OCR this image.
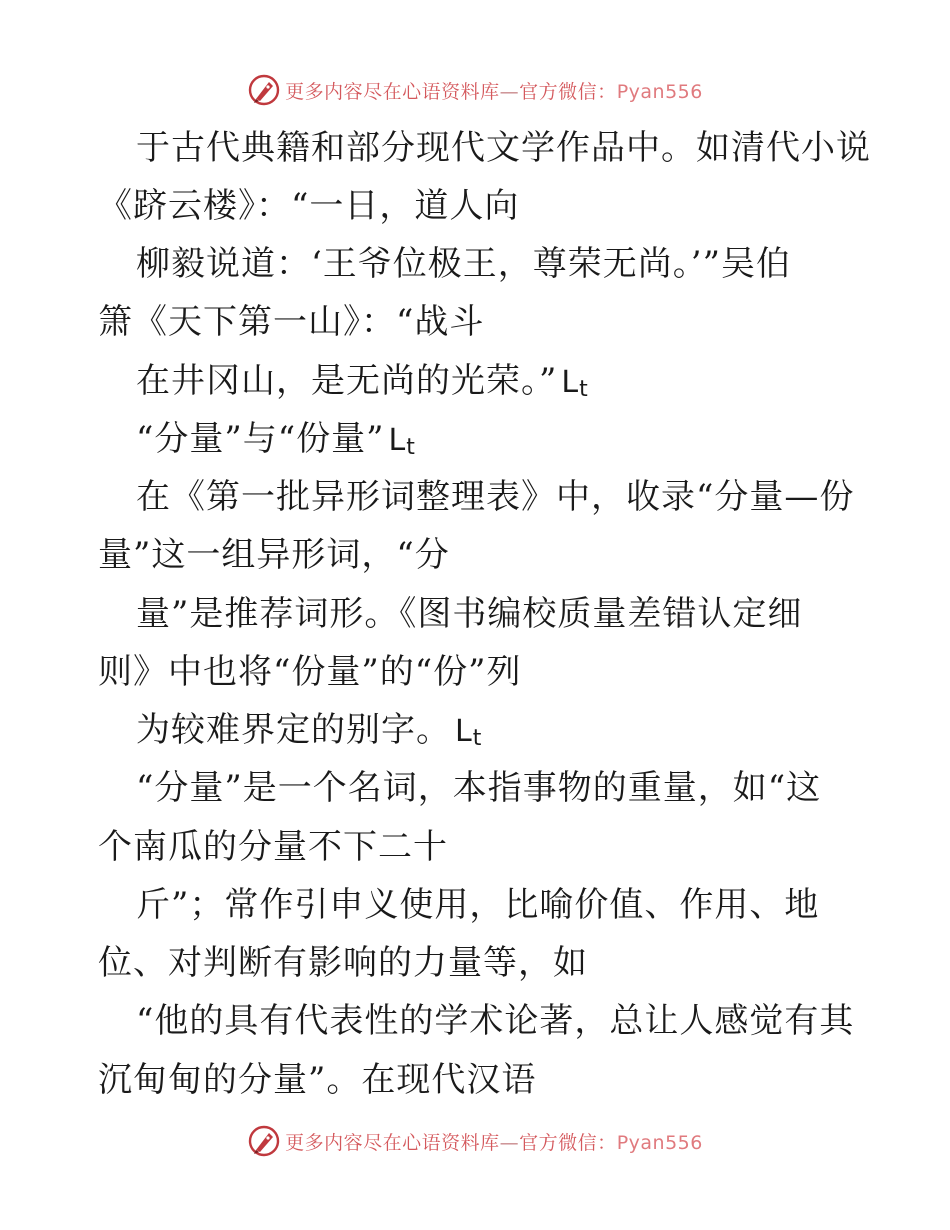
更多内容尽在心语资料库—官方微信：Pyan556
于古代典籍和部分现代文学作品中。如清代小说
《跻云楼》：“一日，道人向
柳毅说道：‘王爷位极王，尊荣无尚。’”吴伯
箫《天下第一山》：“战斗
在井冈山，是无尚的光荣。” $L_t$
“分量”与“份量” $L_t$
在《第一批异形词整理表》中，收录“分量—份
量”这一组异形词，“分
量”是推荐词形。《图书编校质量差错认定细
则》中也将“份量”的“份”列
为较难界定的别字。 $L_t$
“分量”是一个名词，本指事物的重量，如“这
个南瓜的分量不下二十
斤”；常作引申义使用，比喻价值、作用、地
位、对判断有影响的力量等，如
“他的具有代表性的学术论著，总让人感觉有其
沉甸甸的分量”。在现代汉语
更多内容尽在心语资料库—官方微信：Pyan556
